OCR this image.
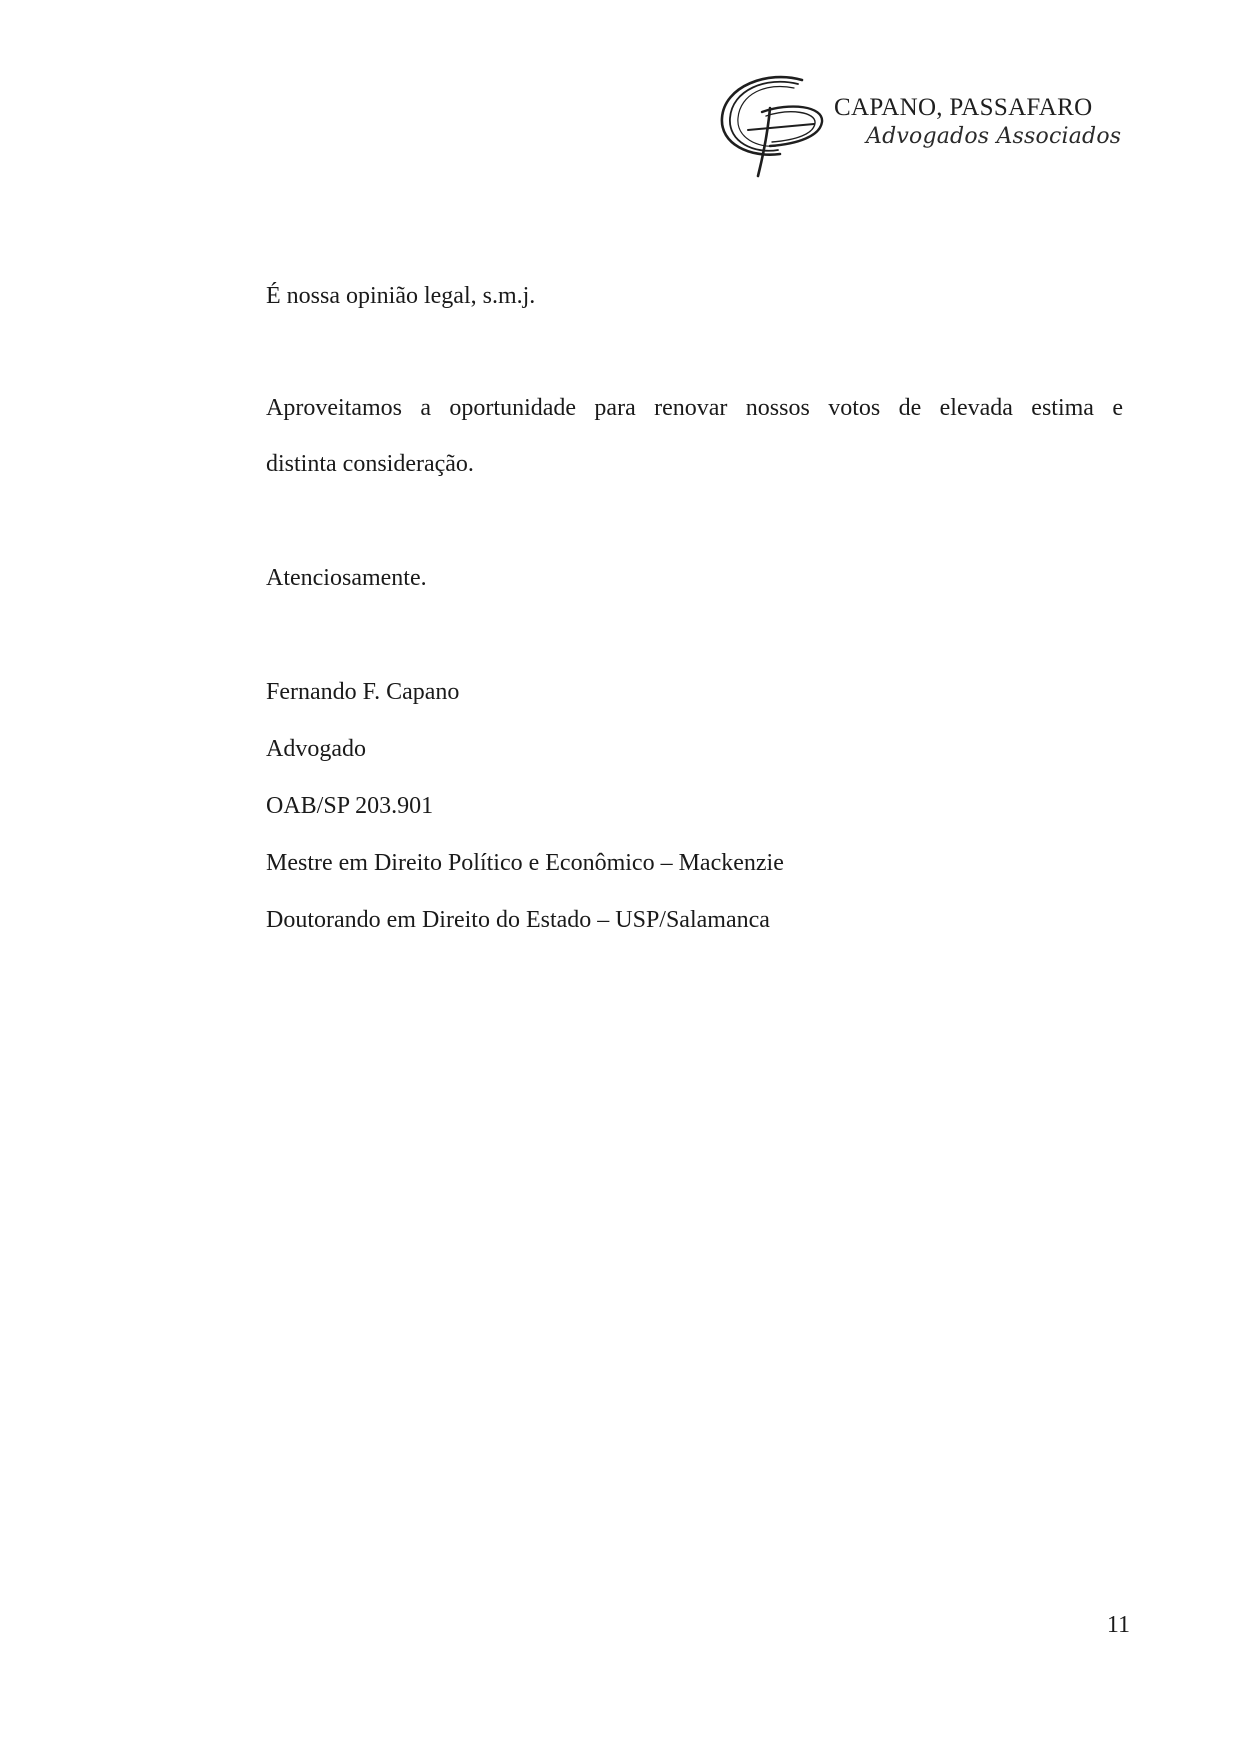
CAPANO, PASSAFARO
Advogados Associados
É nossa opinião legal, s.m.j.
Aproveitamos a oportunidade para renovar nossos votos de elevada estima e
distinta consideração.
Atenciosamente.
Fernando F. Capano
Advogado
OAB/SP 203.901
Mestre em Direito Político e Econômico – Mackenzie
Doutorando em Direito do Estado – USP/Salamanca
11
